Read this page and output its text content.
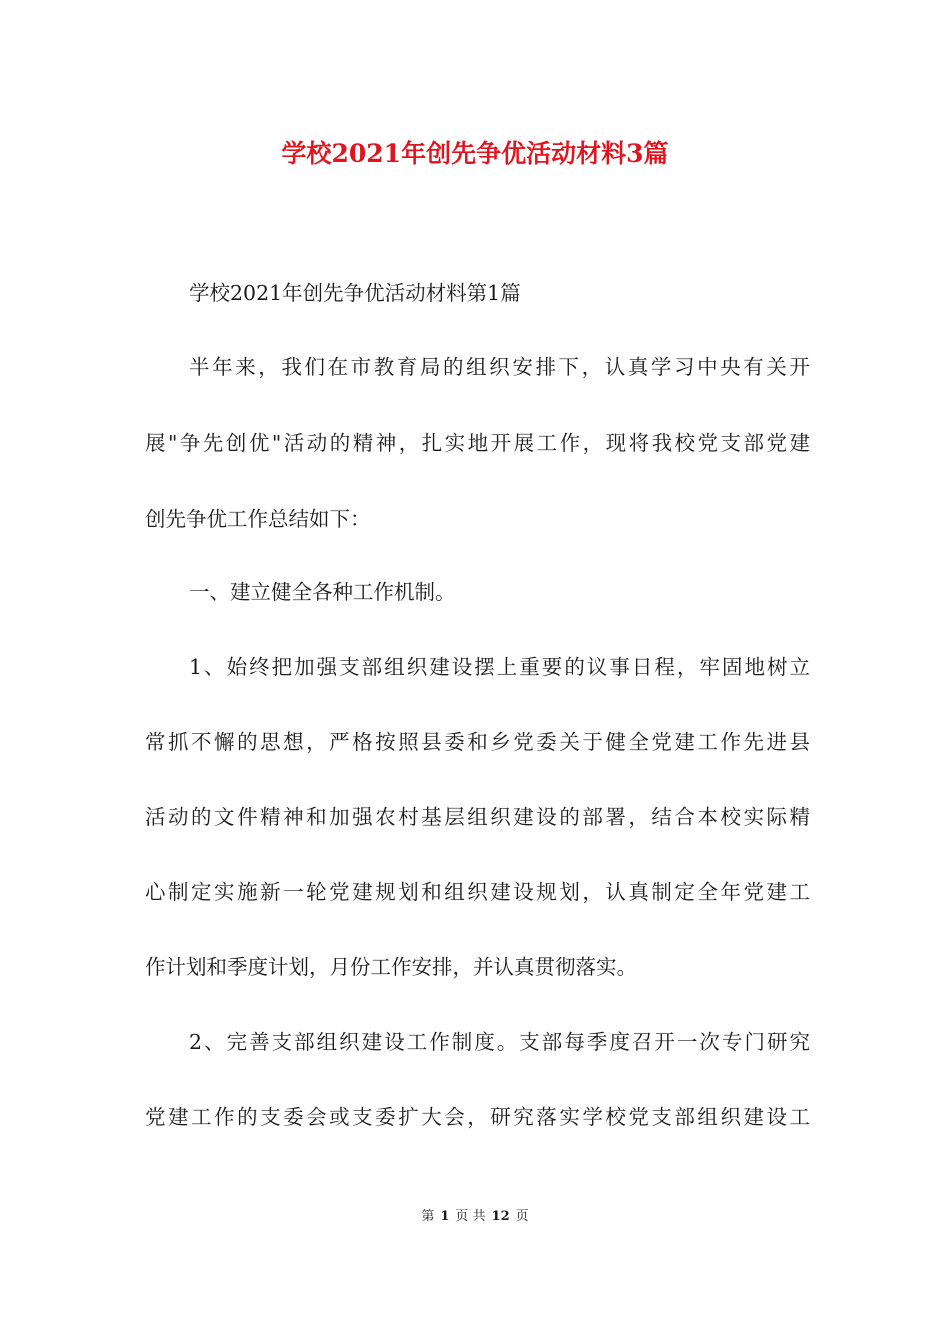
学校2021年创先争优活动材料3篇
学校2021年创先争优活动材料第1篇
半年来，我们在市教育局的组织安排下，认真学习中央有关开
展"争先创优"活动的精神，扎实地开展工作，现将我校党支部党建
创先争优工作总结如下：
一、建立健全各种工作机制。
1、始终把加强支部组织建设摆上重要的议事日程，牢固地树立
常抓不懈的思想，严格按照县委和乡党委关于健全党建工作先进县
活动的文件精神和加强农村基层组织建设的部署，结合本校实际精
心制定实施新一轮党建规划和组织建设规划，认真制定全年党建工
作计划和季度计划，月份工作安排，并认真贯彻落实。
2、完善支部组织建设工作制度。支部每季度召开一次专门研究
党建工作的支委会或支委扩大会，研究落实学校党支部组织建设工
第 1 页 共 12 页
